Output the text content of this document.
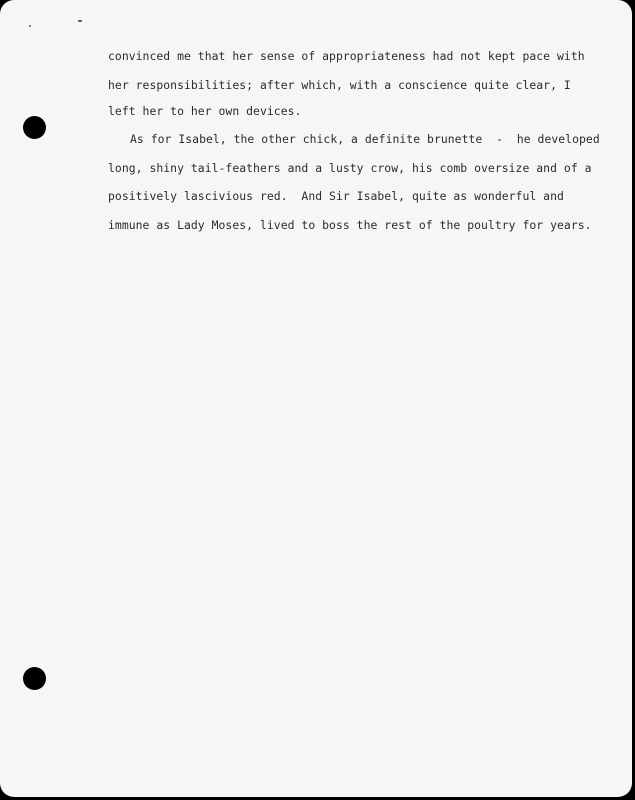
convinced me that her sense of appropriateness had not kept pace with
her responsibilities; after which, with a conscience quite clear, I
left her to her own devices.
As for Isabel, the other chick, a definite brunette  -  he developed
long, shiny tail-feathers and a lusty crow, his comb oversize and of a
positively lascivious red.  And Sir Isabel, quite as wonderful and
immune as Lady Moses, lived to boss the rest of the poultry for years.
